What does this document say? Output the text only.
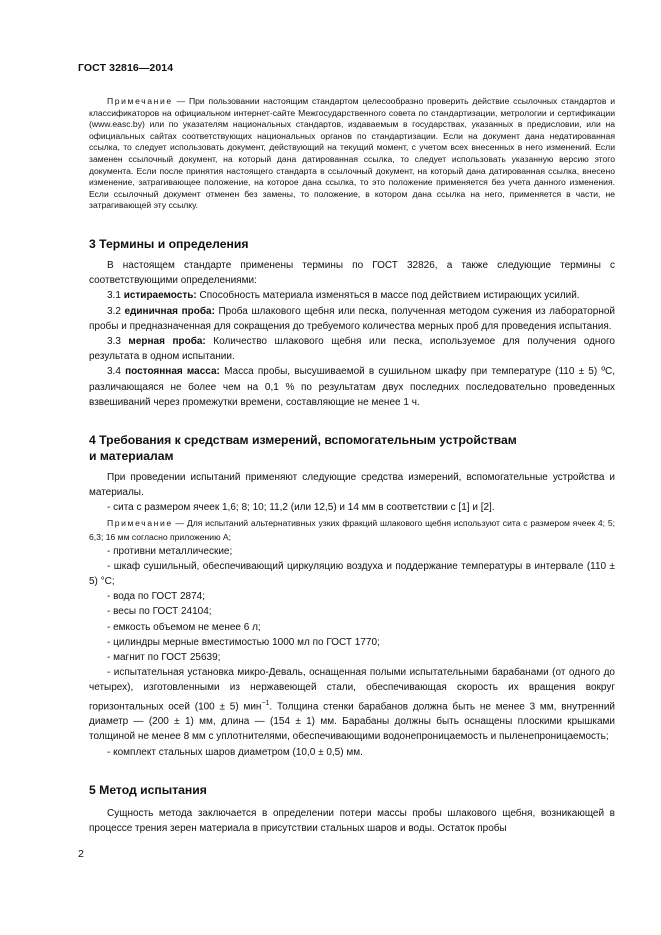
ГОСТ 32816—2014

Примечание — При пользовании настоящим стандартом целесообразно проверить действие ссылочных стандартов и классификаторов на официальном интернет-сайте Межгосударственного совета по стандартизации, метрологии и сертификации (www.easc.by) или по указателям национальных стандартов, издаваемым в государствах, указанных в предисловии, или на официальных сайтах соответствующих национальных органов по стандартизации. Если на документ дана недатированная ссылка, то следует использовать документ, действующий на текущий момент, с учетом всех внесенных в него изменений. Если заменен ссылочный документ, на который дана датированная ссылка, то следует использовать указанную версию этого документа. Если после принятия настоящего стандарта в ссылочный документ, на который дана датированная ссылка, внесено изменение, затрагивающее положение, на которое дана ссылка, то это положение применяется без учета данного изменения. Если ссылочный документ отменен без замены, то положение, в котором дана ссылка на него, применяется в части, не затрагивающей эту ссылку.

3 Термины и определения

В настоящем стандарте применены термины по ГОСТ 32826, а также следующие термины с соответствующими определениями:

3.1 истираемость: Способность материала изменяться в массе под действием истирающих усилий.

3.2 единичная проба: Проба шлакового щебня или песка, полученная методом сужения из лабораторной пробы и предназначенная для сокращения до требуемого количества мерных проб для проведения испытания.

3.3 мерная проба: Количество шлакового щебня или песка, используемое для получения одного результата в одном испытании.

3.4 постоянная масса: Масса пробы, высушиваемой в сушильном шкафу при температуре (110 ± 5) ºС, различающаяся не более чем на 0,1 % по результатам двух последних последовательно проведенных взвешиваний через промежутки времени, составляющие не менее 1 ч.

4 Требования к средствам измерений, вспомогательным устройствам
и материалам

При проведении испытаний применяют следующие средства измерений, вспомогательные устройства и материалы.

- сита с размером ячеек 1,6; 8; 10; 11,2 (или 12,5) и 14 мм в соответствии с [1] и [2].

Примечание — Для испытаний альтернативных узких фракций шлакового щебня используют сита с размером ячеек 4; 5; 6,3; 16 мм согласно приложению А;

- противни металлические;

- шкаф сушильный, обеспечивающий циркуляцию воздуха и поддержание температуры в интервале (110 ± 5) °С;

- вода по ГОСТ 2874;

- весы по ГОСТ 24104;

- емкость объемом не менее 6 л;

- цилиндры мерные вместимостью 1000 мл по ГОСТ 1770;

- магнит по ГОСТ 25639;

- испытательная установка микро-Деваль, оснащенная полыми испытательными барабанами (от одного до четырех), изготовленными из нержавеющей стали, обеспечивающая скорость их вращения вокруг горизонтальных осей (100 ± 5) мин$^{-1}$. Толщина стенки барабанов должна быть не менее 3 мм, внутренний диаметр — (200 ± 1) мм, длина — (154 ± 1) мм. Барабаны должны быть оснащены плоскими крышками толщиной не менее 8 мм с уплотнителями, обеспечивающими водонепроницаемость и пыленепроницаемость;

- комплект стальных шаров диаметром (10,0 ± 0,5) мм.

5 Метод испытания

Сущность метода заключается в определении потери массы пробы шлакового щебня, возникающей в процессе трения зерен материала в присутствии стальных шаров и воды. Остаток пробы

2
